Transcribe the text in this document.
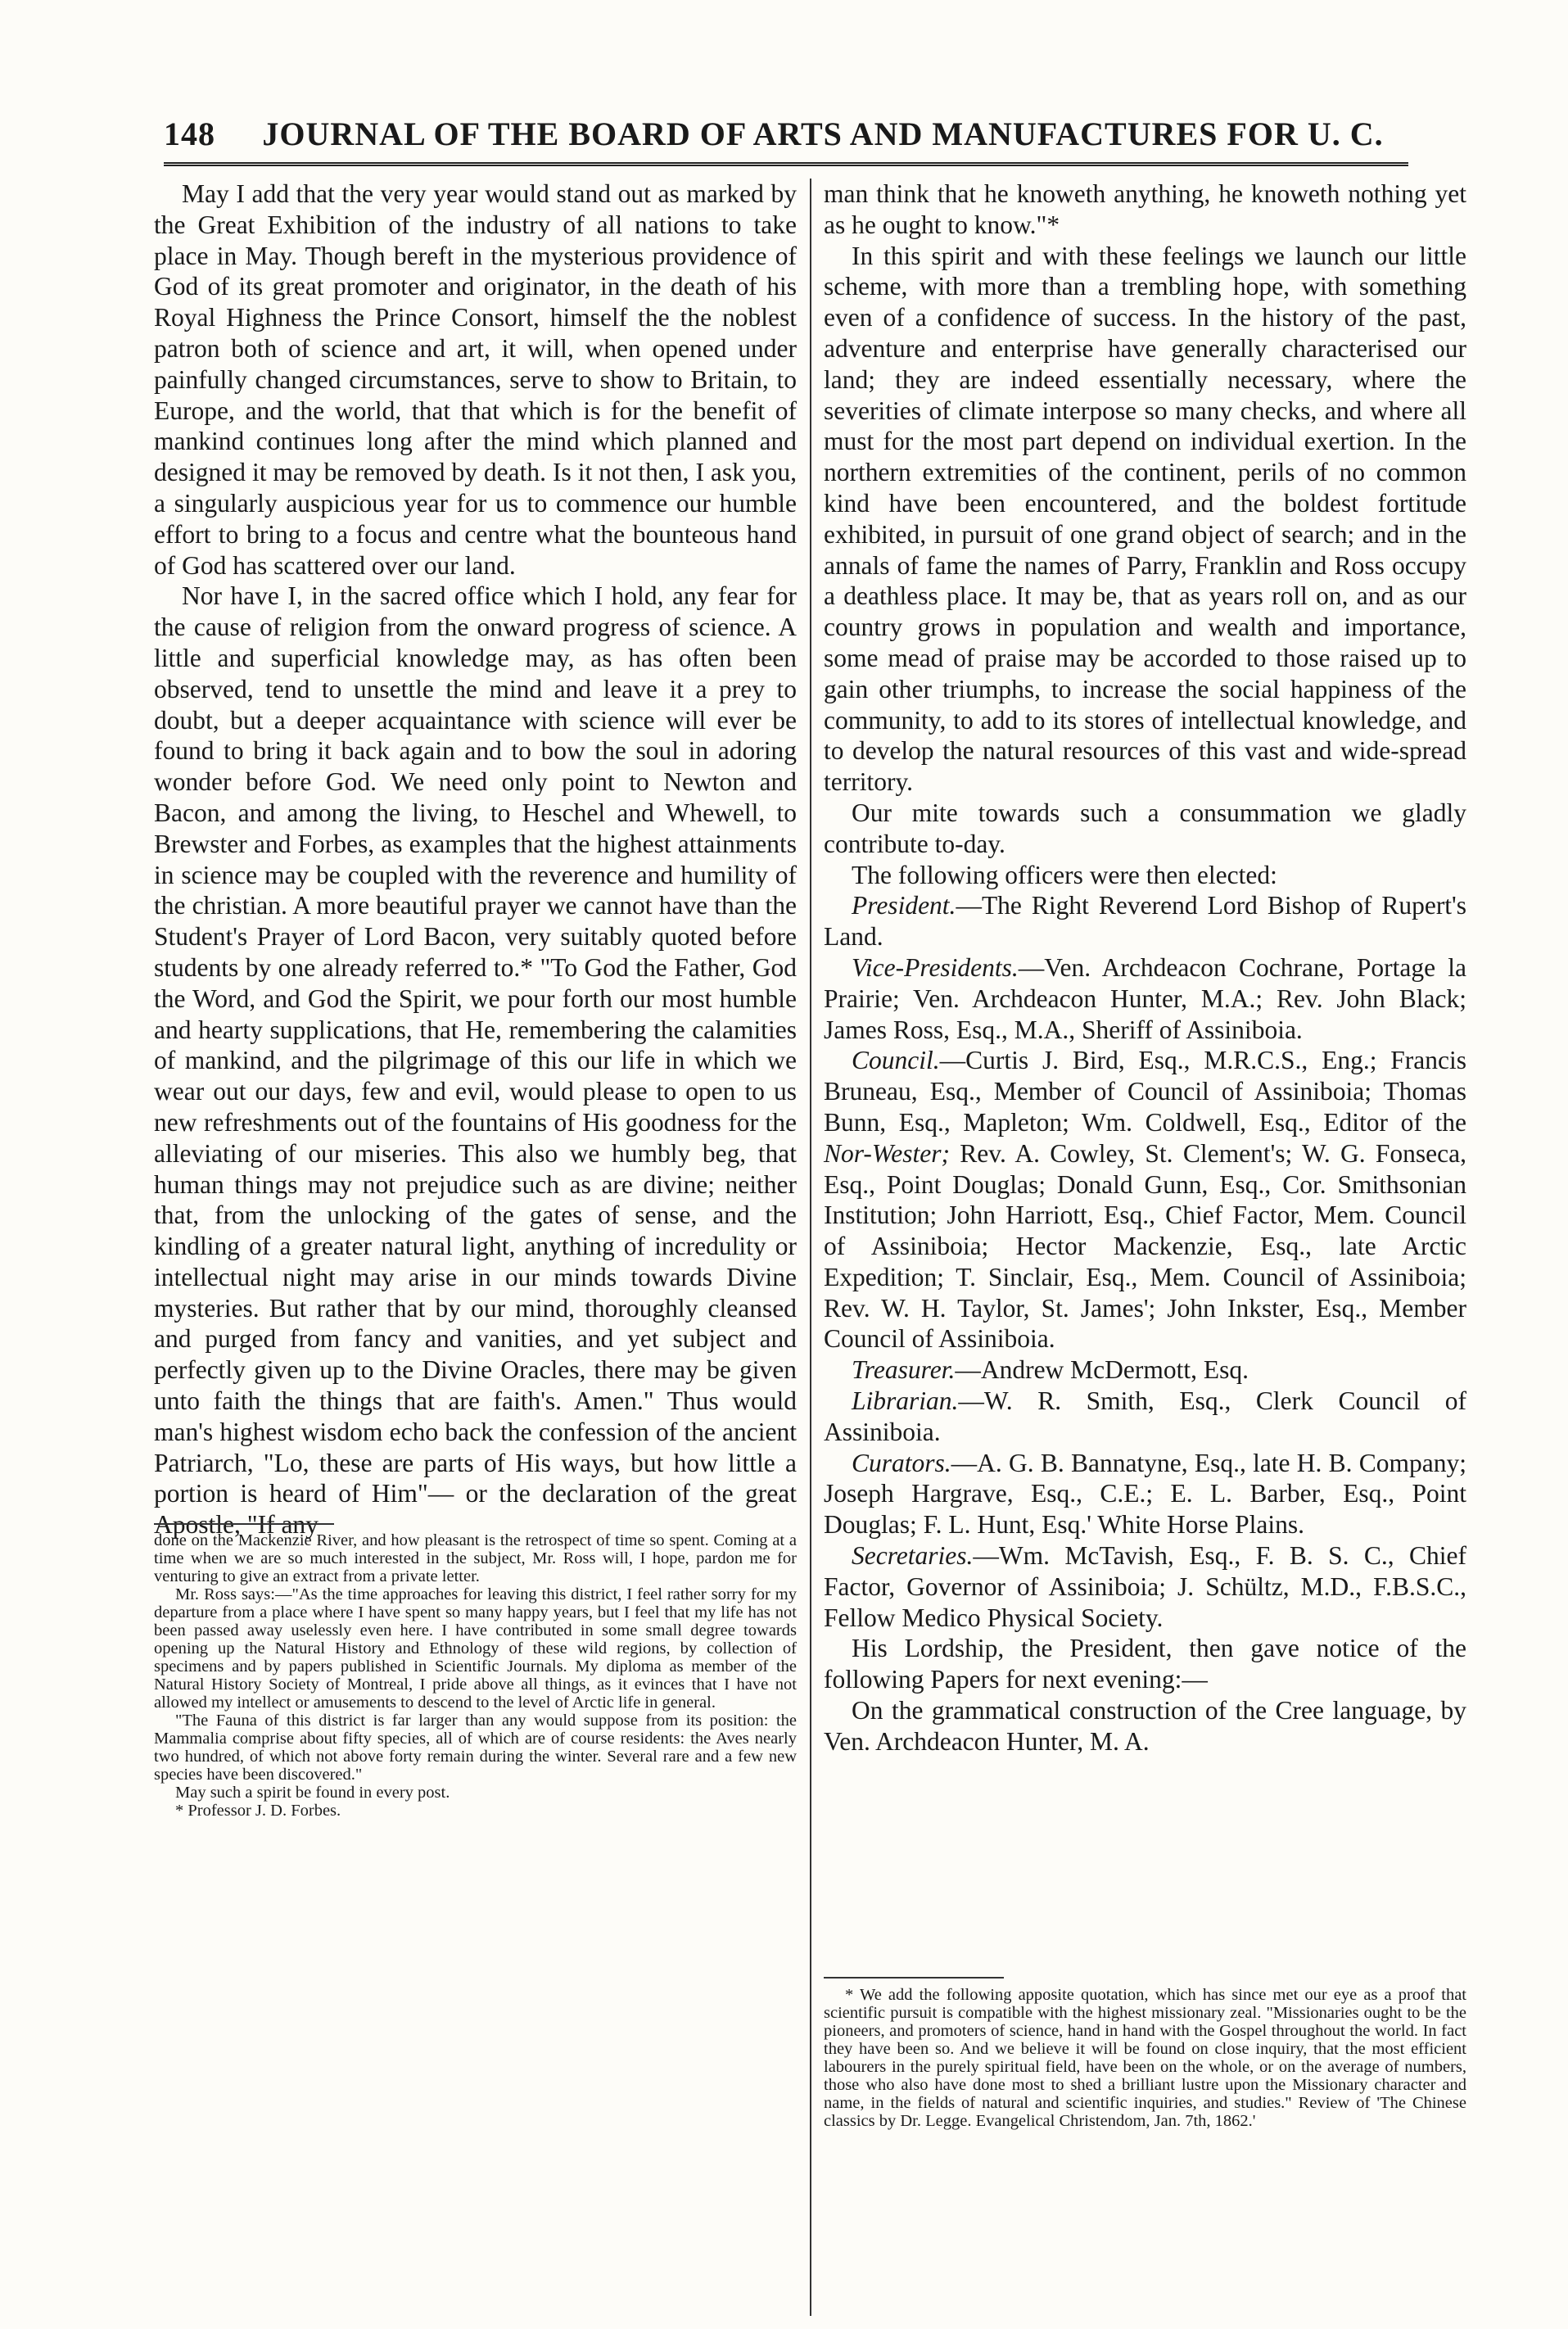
148	JOURNAL OF THE BOARD OF ARTS AND MANUFACTURES FOR U. C.

May I add that the very year would stand out as marked by the Great Exhibition of the industry of all nations to take place in May. Though bereft in the mysterious providence of God of its great promoter and originator, in the death of his Royal Highness the Prince Consort, himself the the noblest patron both of science and art, it will, when opened under painfully changed circumstances, serve to show to Britain, to Europe, and the world, that that which is for the benefit of mankind continues long after the mind which planned and designed it may be removed by death. Is it not then, I ask you, a singularly auspicious year for us to commence our humble effort to bring to a focus and centre what the bounteous hand of God has scattered over our land.

Nor have I, in the sacred office which I hold, any fear for the cause of religion from the onward progress of science. A little and superficial knowledge may, as has often been observed, tend to unsettle the mind and leave it a prey to doubt, but a deeper acquaintance with science will ever be found to bring it back again and to bow the soul in adoring wonder before God. We need only point to Newton and Bacon, and among the living, to Heschel and Whewell, to Brewster and Forbes, as examples that the highest attainments in science may be coupled with the reverence and humility of the christian. A more beautiful prayer we cannot have than the Student's Prayer of Lord Bacon, very suitably quoted before students by one already referred to.* "To God the Father, God the Word, and God the Spirit, we pour forth our most humble and hearty supplications, that He, remembering the calamities of mankind, and the pilgrimage of this our life in which we wear out our days, few and evil, would please to open to us new refreshments out of the fountains of His goodness for the alleviating of our miseries. This also we humbly beg, that human things may not prejudice such as are divine; neither that, from the unlocking of the gates of sense, and the kindling of a greater natural light, anything of incredulity or intellectual night may arise in our minds towards Divine mysteries. But rather that by our mind, thoroughly cleansed and purged from fancy and vanities, and yet subject and perfectly given up to the Divine Oracles, there may be given unto faith the things that are faith's. Amen." Thus would man's highest wisdom echo back the confession of the ancient Patriarch, "Lo, these are parts of His ways, but how little a portion is heard of Him"— or the declaration of the great Apostle, "If any

done on the Mackenzie River, and how pleasant is the retrospect of time so spent. Coming at a time when we are so much interested in the subject, Mr. Ross will, I hope, pardon me for venturing to give an extract from a private letter.

Mr. Ross says:—"As the time approaches for leaving this district, I feel rather sorry for my departure from a place where I have spent so many happy years, but I feel that my life has not been passed away uselessly even here. I have contributed in some small degree towards opening up the Natural History and Ethnology of these wild regions, by collection of specimens and by papers published in Scientific Journals. My diploma as member of the Natural History Society of Montreal, I pride above all things, as it evinces that I have not allowed my intellect or amusements to descend to the level of Arctic life in general.

"The Fauna of this district is far larger than any would suppose from its position: the Mammalia comprise about fifty species, all of which are of course residents: the Aves nearly two hundred, of which not above forty remain during the winter. Several rare and a few new species have been discovered."

May such a spirit be found in every post.

* Professor J. D. Forbes.

man think that he knoweth anything, he knoweth nothing yet as he ought to know."*

In this spirit and with these feelings we launch our little scheme, with more than a trembling hope, with something even of a confidence of success. In the history of the past, adventure and enterprise have generally characterised our land; they are indeed essentially necessary, where the severities of climate interpose so many checks, and where all must for the most part depend on individual exertion. In the northern extremities of the continent, perils of no common kind have been encountered, and the boldest fortitude exhibited, in pursuit of one grand object of search; and in the annals of fame the names of Parry, Franklin and Ross occupy a deathless place. It may be, that as years roll on, and as our country grows in population and wealth and importance, some mead of praise may be accorded to those raised up to gain other triumphs, to increase the social happiness of the community, to add to its stores of intellectual knowledge, and to develop the natural resources of this vast and wide-spread territory.

Our mite towards such a consummation we gladly contribute to-day.

The following officers were then elected:

President.—The Right Reverend Lord Bishop of Rupert's Land.

Vice-Presidents.—Ven. Archdeacon Cochrane, Portage la Prairie; Ven. Archdeacon Hunter, M.A.; Rev. John Black; James Ross, Esq., M.A., Sheriff of Assiniboia.

Council.—Curtis J. Bird, Esq., M.R.C.S., Eng.; Francis Bruneau, Esq., Member of Council of Assiniboia; Thomas Bunn, Esq., Mapleton; Wm. Coldwell, Esq., Editor of the Nor-Wester; Rev. A. Cowley, St. Clement's; W. G. Fonseca, Esq., Point Douglas; Donald Gunn, Esq., Cor. Smithsonian Institution; John Harriott, Esq., Chief Factor, Mem. Council of Assiniboia; Hector Mackenzie, Esq., late Arctic Expedition; T. Sinclair, Esq., Mem. Council of Assiniboia; Rev. W. H. Taylor, St. James'; John Inkster, Esq., Member Council of Assiniboia.

Treasurer.—Andrew McDermott, Esq.

Librarian.—W. R. Smith, Esq., Clerk Council of Assiniboia.

Curators.—A. G. B. Bannatyne, Esq., late H. B. Company; Joseph Hargrave, Esq., C.E.; E. L. Barber, Esq., Point Douglas; F. L. Hunt, Esq.' White Horse Plains.

Secretaries.—Wm. McTavish, Esq., F. B. S. C., Chief Factor, Governor of Assiniboia; J. Schültz, M.D., F.B.S.C., Fellow Medico Physical Society.

His Lordship, the President, then gave notice of the following Papers for next evening:—

On the grammatical construction of the Cree language, by Ven. Archdeacon Hunter, M. A.

* We add the following apposite quotation, which has since met our eye as a proof that scientific pursuit is compatible with the highest missionary zeal. "Missionaries ought to be the pioneers, and promoters of science, hand in hand with the Gospel throughout the world. In fact they have been so. And we believe it will be found on close inquiry, that the most efficient labourers in the purely spiritual field, have been on the whole, or on the average of numbers, those who also have done most to shed a brilliant lustre upon the Missionary character and name, in the fields of natural and scientific inquiries, and studies." Review of 'The Chinese classics by Dr. Legge. Evangelical Christendom, Jan. 7th, 1862.'
